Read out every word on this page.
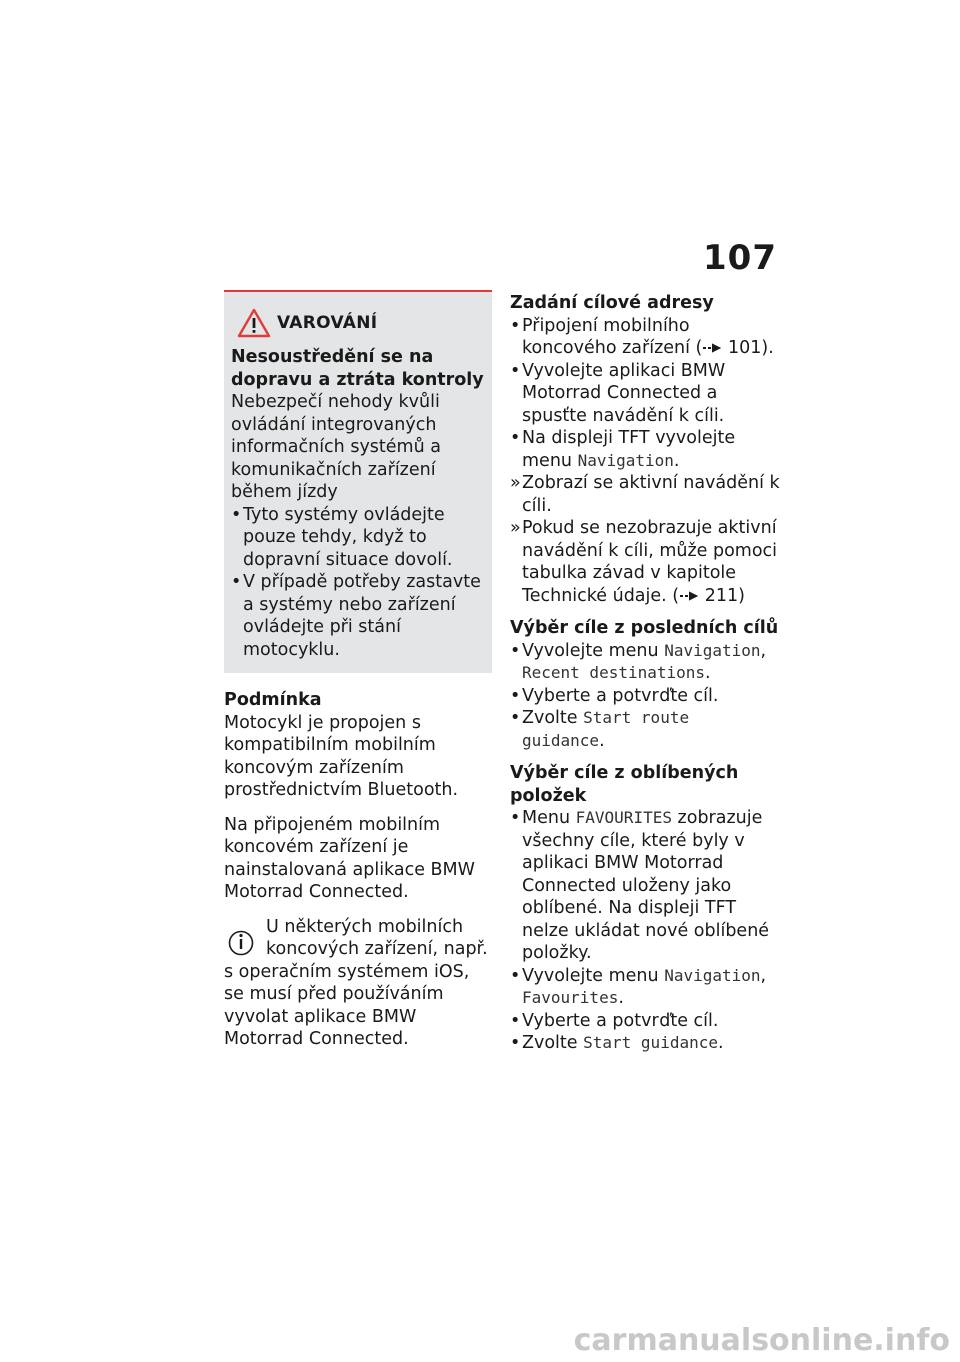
107
VAROVÁNÍ

Nesoustředění se na dopravu a ztráta kontroly

Nebezpečí nehody kvůli ovládání integrovaných informačních systémů a komunikačních zařízení během jízdy

• Tyto systémy ovládejte pouze tehdy, když to dopravní situace dovolí.
• V případě potřeby zastavte a systémy nebo zařízení ovládejte při stání motocyklu.

Podmínka

Motocykl je propojen s kompatibilním mobilním koncovým zařízením prostřednictvím Bluetooth.

Na připojeném mobilním koncovém zařízení je nainstalovaná aplikace BMW Motorrad Connected.

U některých mobilních

koncových zařízení, např.

s operačním systémem iOS, se musí před používáním vyvolat aplikace BMW Motorrad Connected.

Zadání cílové adresy
• Připojení mobilního koncového zařízení ( 101).
• Vyvolejte aplikaci BMW Motorrad Connected a spusťte navádění k cíli.
• Na displeji TFT vyvolejte menu Navigation.
» Zobrazí se aktivní navádění k cíli.
» Pokud se nezobrazuje aktivní navádění k cíli, může pomoci tabulka závad v kapitole Technické údaje. ( 211)
Výběr cíle z posledních cílů
• Vyvolejte menu Navigation, Recent destinations.
• Vyberte a potvrďte cíl.
• Zvolte Start route guidance.
Výběr cíle z oblíbených položek
• Menu FAVOURITES zobrazuje všechny cíle, které byly v aplikaci BMW Motorrad Connected uloženy jako oblíbené. Na displeji TFT nelze ukládat nové oblíbené položky.
• Vyvolejte menu Navigation, Favourites.
• Vyberte a potvrďte cíl.
• Zvolte Start guidance.
carmanualsonline.info
